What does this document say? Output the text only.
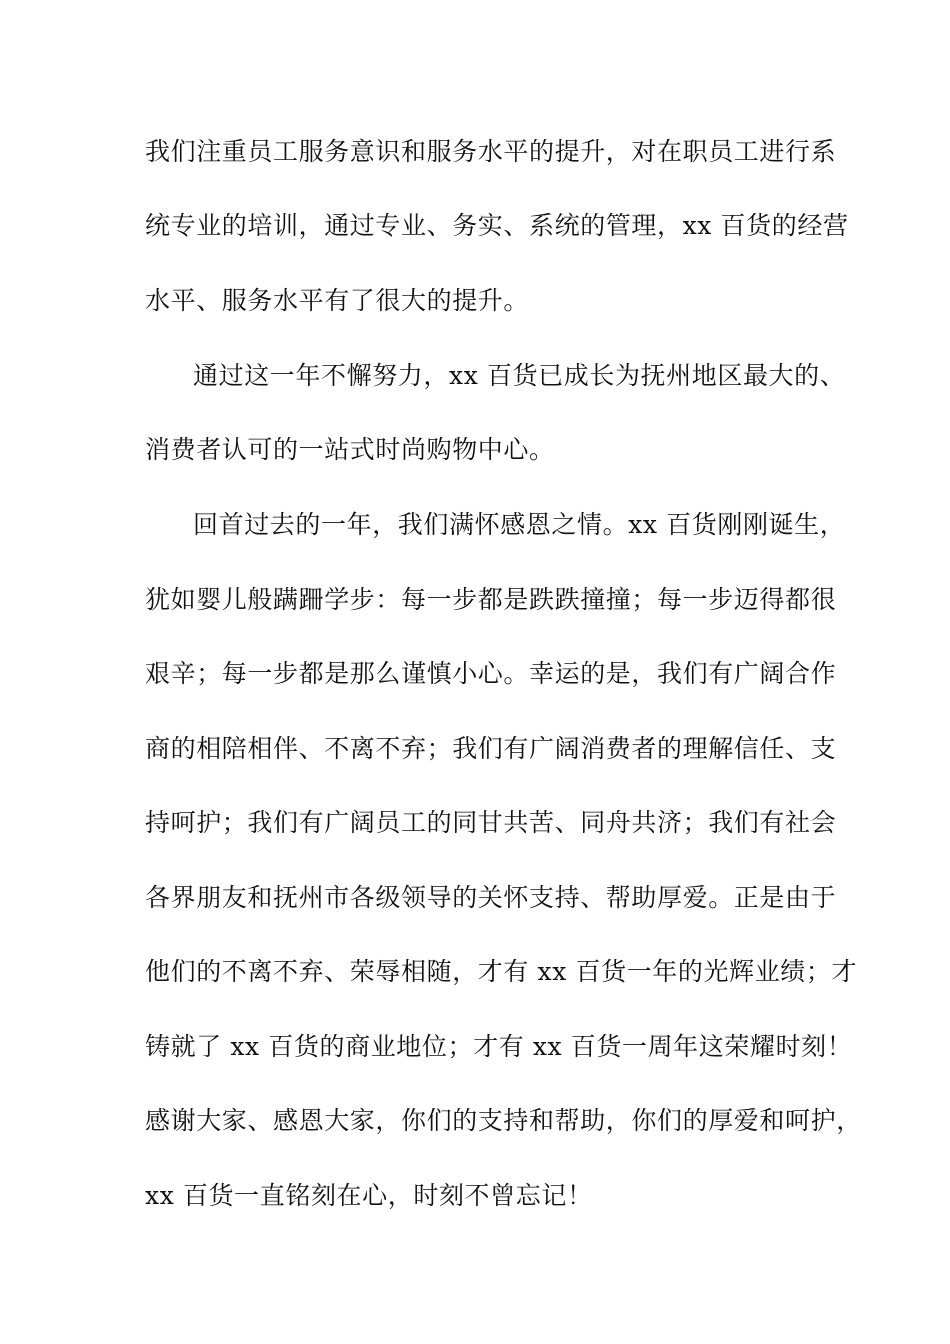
我们注重员工服务意识和服务水平的提升，对在职员工进行系
统专业的培训，通过专业、务实、系统的管理，xx 百货的经营
水平、服务水平有了很大的提升。
通过这一年不懈努力，xx 百货已成长为抚州地区最大的、
消费者认可的一站式时尚购物中心。
回首过去的一年，我们满怀感恩之情。xx 百货刚刚诞生，
犹如婴儿般蹒跚学步：每一步都是跌跌撞撞；每一步迈得都很
艰辛；每一步都是那么谨慎小心。幸运的是，我们有广阔合作
商的相陪相伴、不离不弃；我们有广阔消费者的理解信任、支
持呵护；我们有广阔员工的同甘共苦、同舟共济；我们有社会
各界朋友和抚州市各级领导的关怀支持、帮助厚爱。正是由于
他们的不离不弃、荣辱相随，才有 xx 百货一年的光辉业绩；才
铸就了 xx 百货的商业地位；才有 xx 百货一周年这荣耀时刻！
感谢大家、感恩大家，你们的支持和帮助，你们的厚爱和呵护，
xx 百货一直铭刻在心，时刻不曾忘记！
